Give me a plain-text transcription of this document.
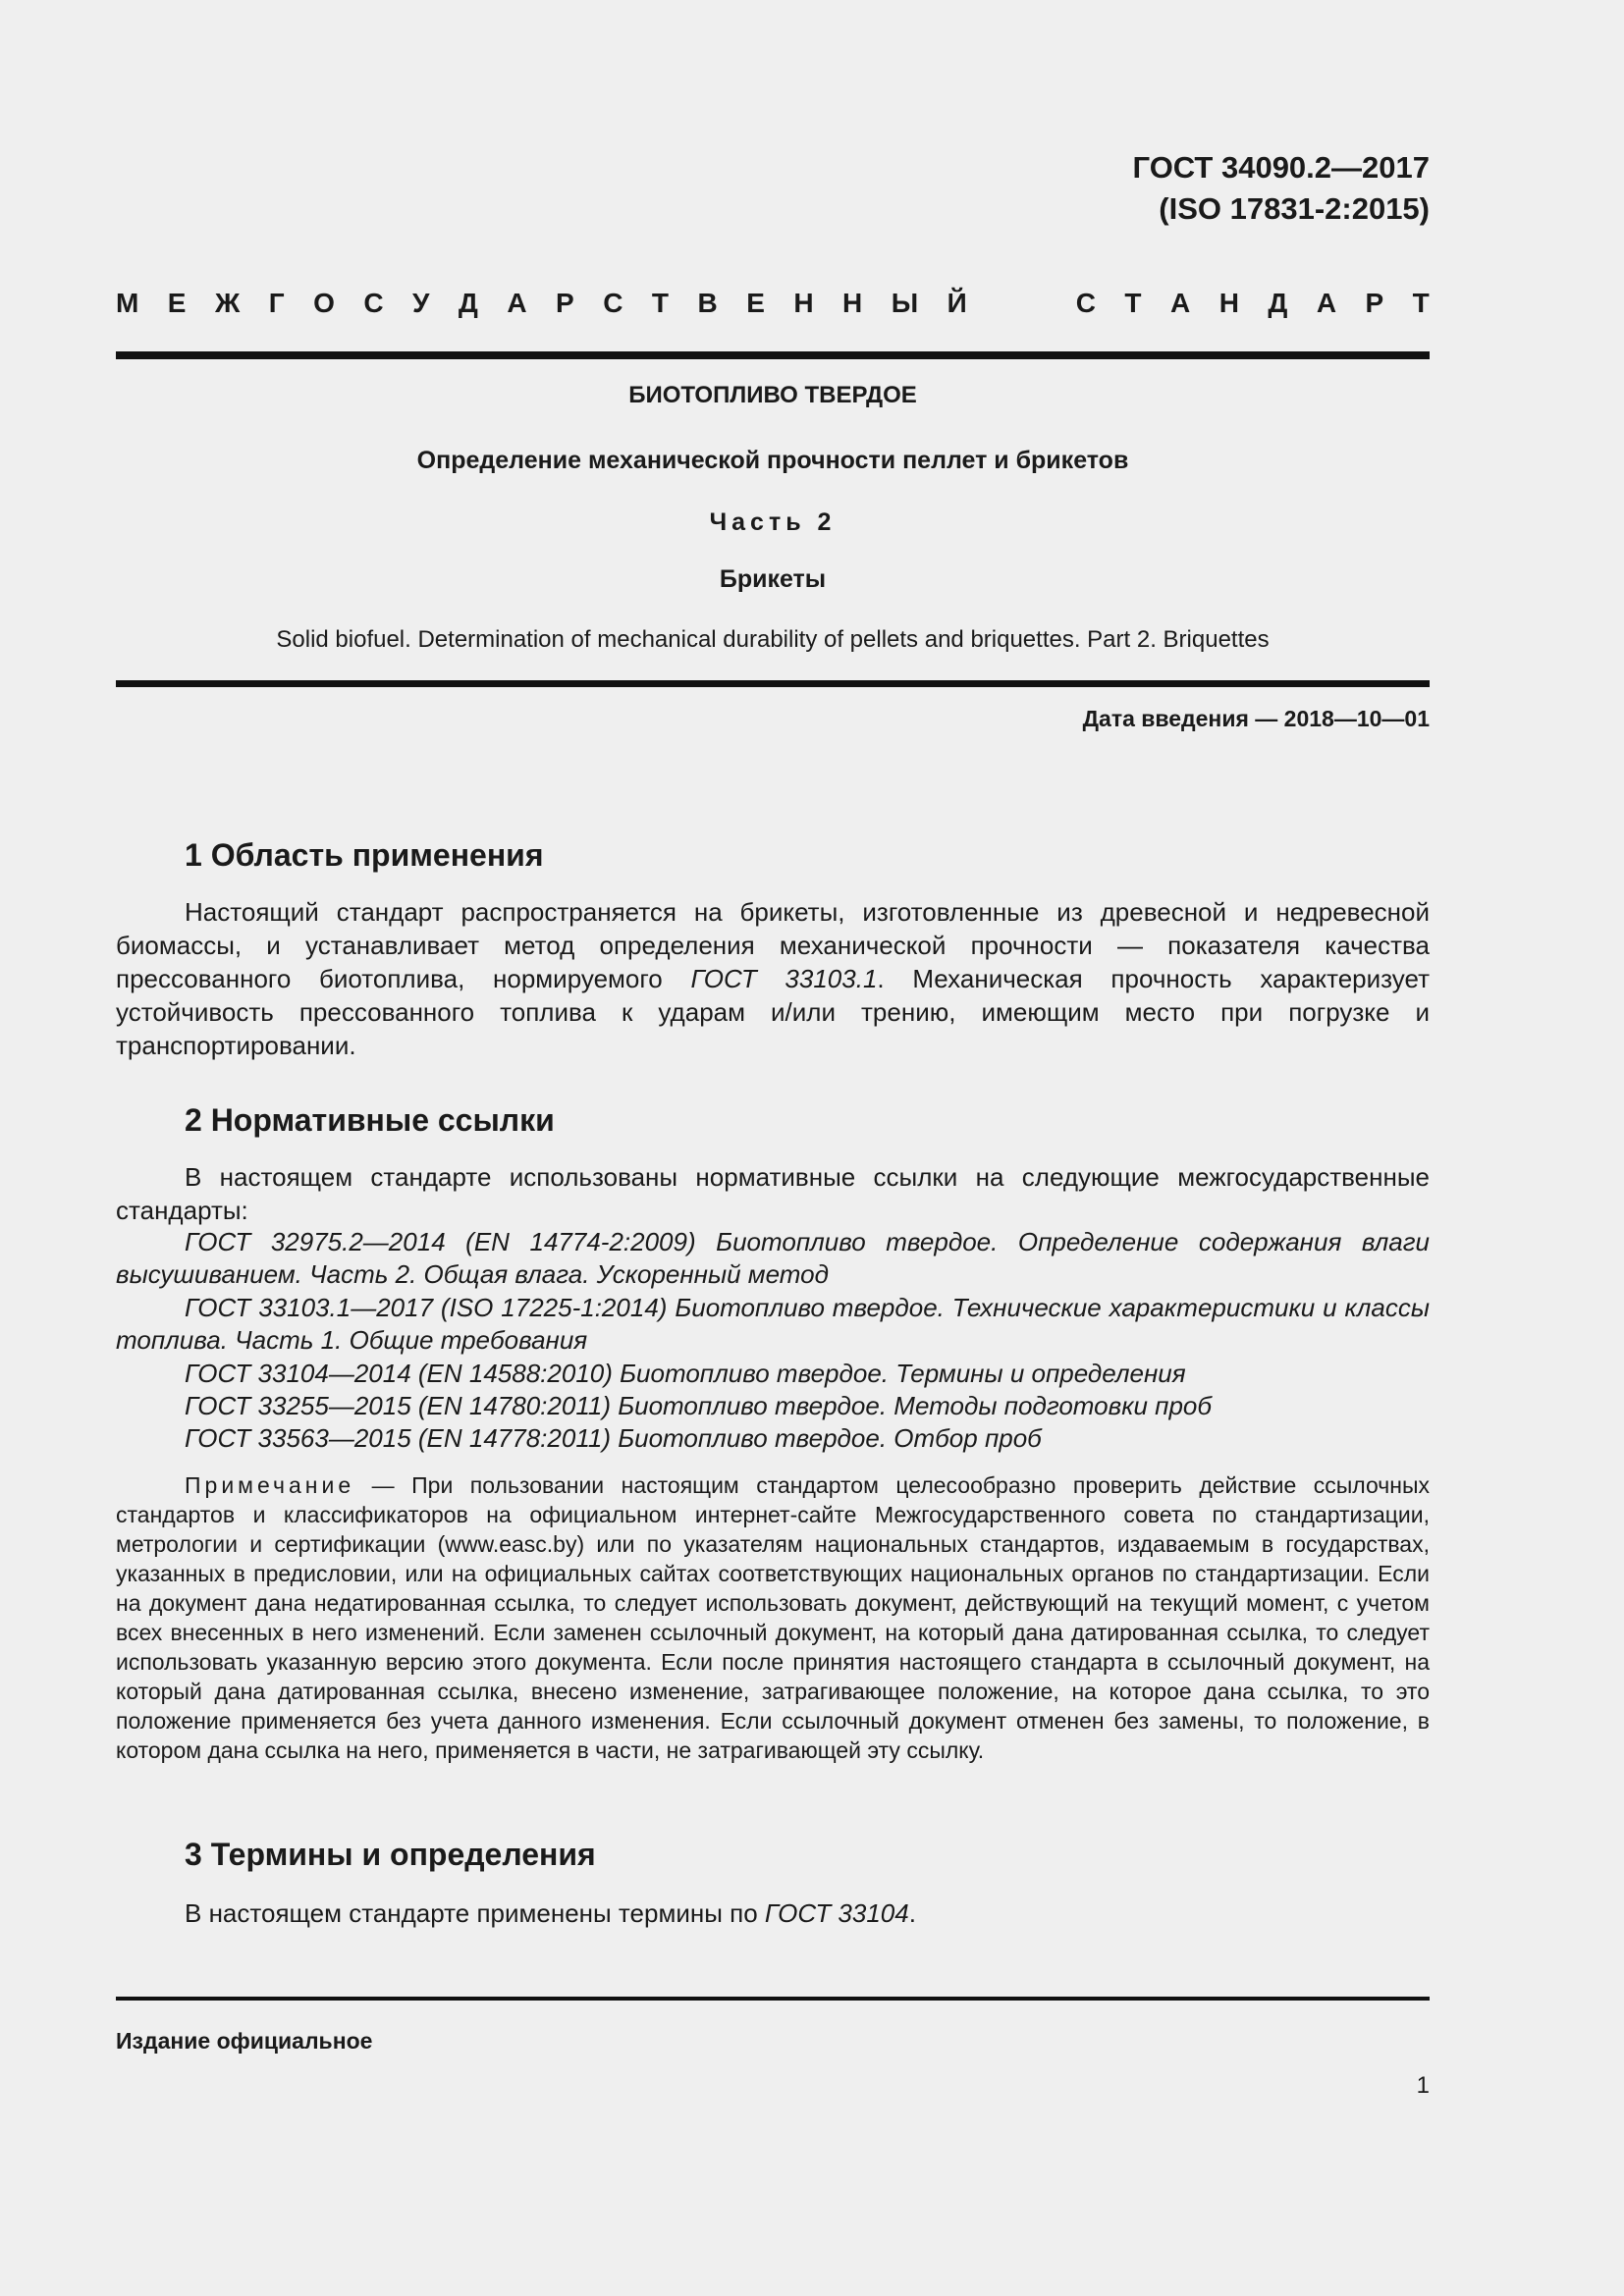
ГОСТ 34090.2—2017
(ISO 17831-2:2015)
М Е Ж Г О С У Д А Р С Т В Е Н Н Ы Й	С Т А Н Д А Р Т
БИОТОПЛИВО ТВЕРДОЕ
Определение механической прочности пеллет и брикетов
Часть 2
Брикеты
Solid biofuel. Determination of mechanical durability of pellets and briquettes. Part 2. Briquettes
Дата введения — 2018—10—01
1 Область применения
Настоящий стандарт распространяется на брикеты, изготовленные из древесной и недревесной биомассы, и устанавливает метод определения механической прочности — показателя качества прессованного биотоплива, нормируемого ГОСТ 33103.1. Механическая прочность характеризует устойчивость прессованного топлива к ударам и/или трению, имеющим место при погрузке и транспортировании.
2 Нормативные ссылки
В настоящем стандарте использованы нормативные ссылки на следующие межгосударственные стандарты:
ГОСТ 32975.2—2014 (EN 14774-2:2009) Биотопливо твердое. Определение содержания влаги высушиванием. Часть 2. Общая влага. Ускоренный метод
ГОСТ 33103.1—2017 (ISO 17225-1:2014) Биотопливо твердое. Технические характеристики и классы топлива. Часть 1. Общие требования
ГОСТ 33104—2014 (EN 14588:2010) Биотопливо твердое. Термины и определения
ГОСТ 33255—2015 (EN 14780:2011) Биотопливо твердое. Методы подготовки проб
ГОСТ 33563—2015 (EN 14778:2011) Биотопливо твердое. Отбор проб
Примечание — При пользовании настоящим стандартом целесообразно проверить действие ссылочных стандартов и классификаторов на официальном интернет-сайте Межгосударственного совета по стандартизации, метрологии и сертификации (www.easc.by) или по указателям национальных стандартов, издаваемым в государствах, указанных в предисловии, или на официальных сайтах соответствующих национальных органов по стандартизации. Если на документ дана недатированная ссылка, то следует использовать документ, действующий на текущий момент, с учетом всех внесенных в него изменений. Если заменен ссылочный документ, на который дана датированная ссылка, то следует использовать указанную версию этого документа. Если после принятия настоящего стандарта в ссылочный документ, на который дана датированная ссылка, внесено изменение, затрагивающее положение, на которое дана ссылка, то это положение применяется без учета данного изменения. Если ссылочный документ отменен без замены, то положение, в котором дана ссылка на него, применяется в части, не затрагивающей эту ссылку.
3 Термины и определения
В настоящем стандарте применены термины по ГОСТ 33104.
Издание официальное
1
